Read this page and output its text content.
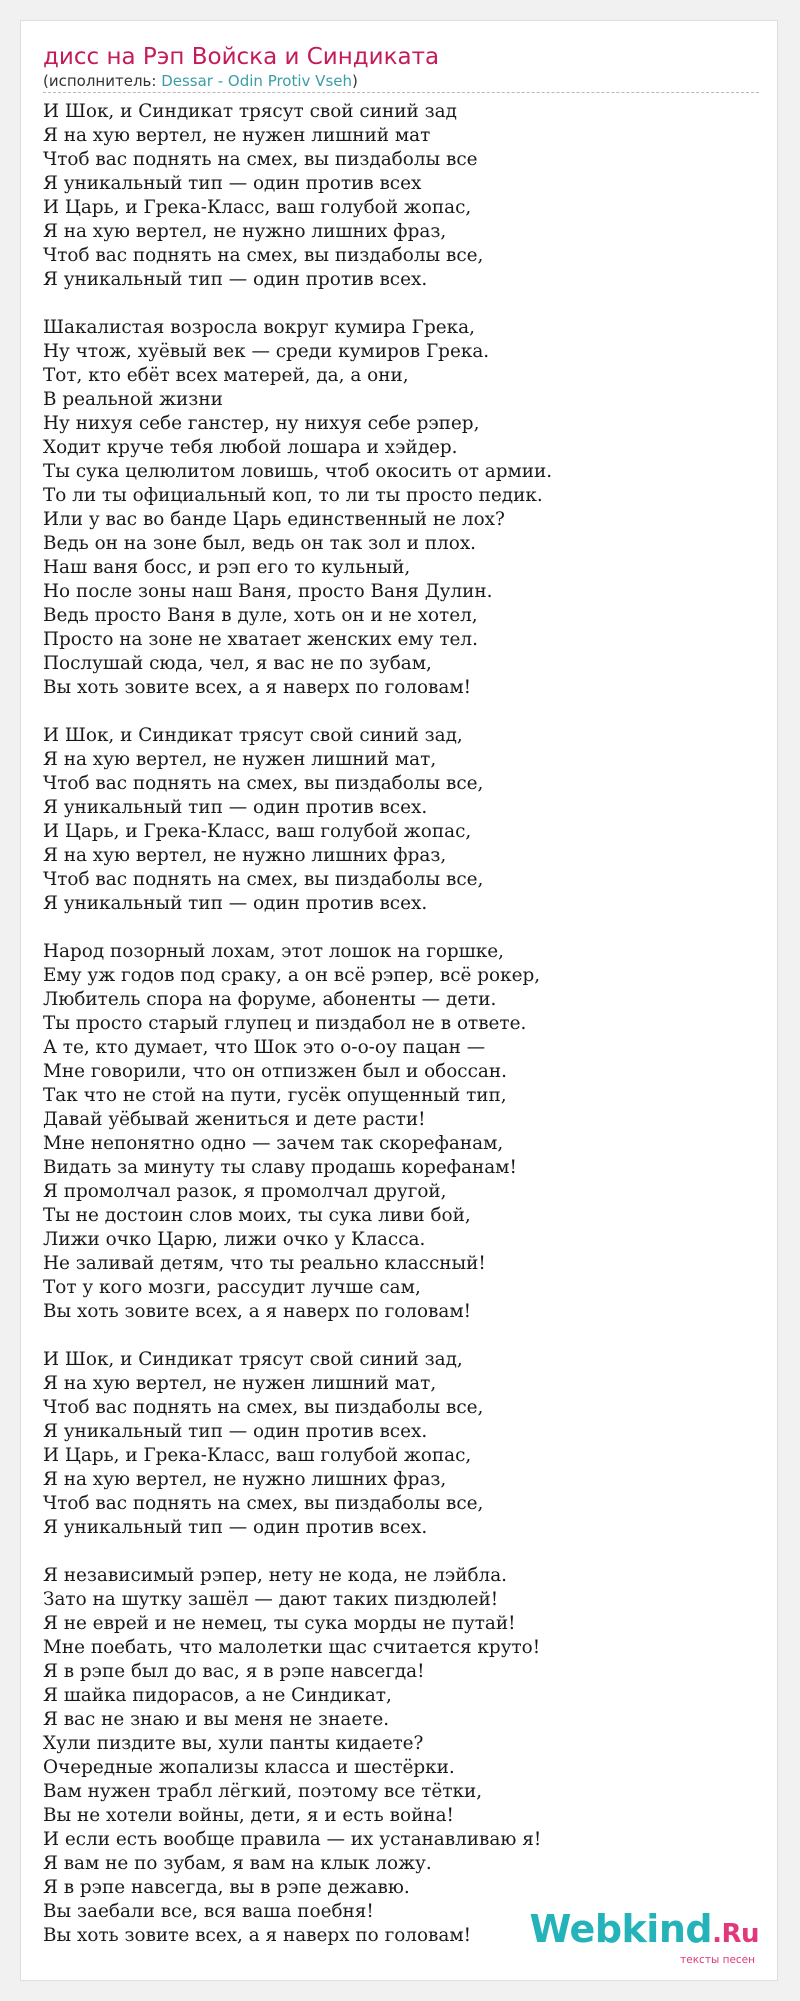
дисс на Рэп Войска и Синдиката
(исполнитель: Dessar - Odin Protiv Vseh)
И Шок, и Синдикат трясут свой синий зад
Я на хую вертел, не нужен лишний мат
Чтоб вас поднять на смех, вы пиздаболы все
Я уникальный тип — один против всех
И Царь, и Грека-Класс, ваш голубой жопас,
Я на хую вертел, не нужно лишних фраз,
Чтоб вас поднять на смех, вы пиздаболы все,
Я уникальный тип — один против всех.

Шакалистая возросла вокруг кумира Грека,
Ну чтож, хуёвый век — среди кумиров Грека.
Тот, кто ебёт всех матерей, да, а они,
В реальной жизни
Ну нихуя себе ганстер, ну нихуя себе рэпер,
Ходит круче тебя любой лошара и хэйдер.
Ты сука целюлитом ловишь, чтоб окосить от армии.
То ли ты официальный коп, то ли ты просто педик.
Или у вас во банде Царь единственный не лох?
Ведь он на зоне был, ведь он так зол и плох.
Наш ваня босс, и рэп его то кульный,
Но после зоны наш Ваня, просто Ваня Дулин.
Ведь просто Ваня в дуле, хоть он и не хотел,
Просто на зоне не хватает женских ему тел.
Послушай сюда, чел, я вас не по зубам,
Вы хоть зовите всех, а я наверх по головам!

И Шок, и Синдикат трясут свой синий зад,
Я на хую вертел, не нужен лишний мат,
Чтоб вас поднять на смех, вы пиздаболы все,
Я уникальный тип — один против всех.
И Царь, и Грека-Класс, ваш голубой жопас,
Я на хую вертел, не нужно лишних фраз,
Чтоб вас поднять на смех, вы пиздаболы все,
Я уникальный тип — один против всех.

Народ позорный лохам, этот лошок на горшке,
Ему уж годов под сраку, а он всё рэпер, всё рокер,
Любитель спора на форуме, абоненты — дети.
Ты просто старый глупец и пиздабол не в ответе.
А те, кто думает, что Шок это о-о-оу пацан —
Мне говорили, что он отпизжен был и обоссан.
Так что не стой на пути, гусёк опущенный тип,
Давай уёбывай жениться и дете расти!
Мне непонятно одно — зачем так скорефанам,
Видать за минуту ты славу продашь корефанам!
Я промолчал разок, я промолчал другой,
Ты не достоин слов моих, ты сука ливи бой,
Лижи очко Царю, лижи очко у Класса.
Не заливай детям, что ты реально классный!
Тот у кого мозги, рассудит лучше сам,
Вы хоть зовите всех, а я наверх по головам!

И Шок, и Синдикат трясут свой синий зад,
Я на хую вертел, не нужен лишний мат,
Чтоб вас поднять на смех, вы пиздаболы все,
Я уникальный тип — один против всех.
И Царь, и Грека-Класс, ваш голубой жопас,
Я на хую вертел, не нужно лишних фраз,
Чтоб вас поднять на смех, вы пиздаболы все,
Я уникальный тип — один против всех.

Я независимый рэпер, нету не кода, не лэйбла.
Зато на шутку зашёл — дают таких пиздюлей!
Я не еврей и не немец, ты сука морды не путай!
Мне поебать, что малолетки щас считается круто!
Я в рэпе был до вас, я в рэпе навсегда!
Я шайка пидорасов, а не Синдикат,
Я вас не знаю и вы меня не знаете.
Хули пиздите вы, хули панты кидаете?
Очередные жопализы класса и шестёрки.
Вам нужен трабл лёгкий, поэтому все тётки,
Вы не хотели войны, дети, я и есть война!
И если есть вообще правила — их устанавливаю я!
Я вам не по зубам, я вам на клык ложу.
Я в рэпе навсегда, вы в рэпе дежавю.
Вы заебали все, вся ваша поебня!
Вы хоть зовите всех, а я наверх по головам!	Webkind.Ru
тексты песен
